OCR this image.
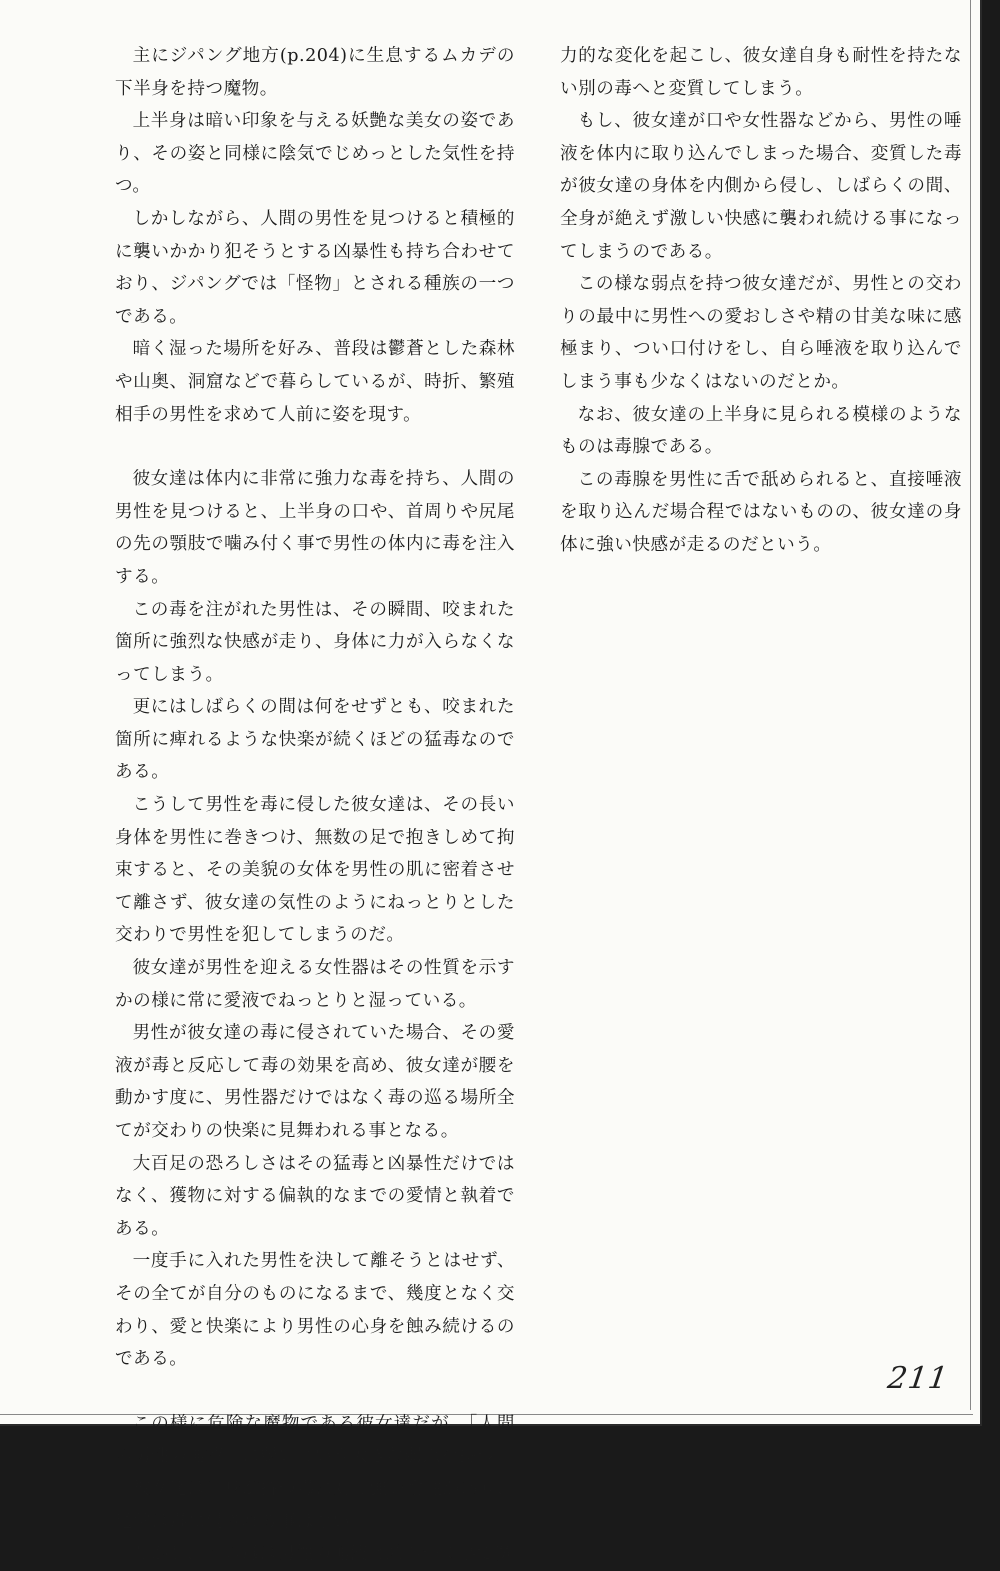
主にジパング地方(p.204)に生息するムカデの下半身を持つ魔物。

上半身は暗い印象を与える妖艶な美女の姿であり、その姿と同様に陰気でじめっとした気性を持つ。

しかしながら、人間の男性を見つけると積極的に襲いかかり犯そうとする凶暴性も持ち合わせており、ジパングでは「怪物」とされる種族の一つである。

暗く湿った場所を好み、普段は鬱蒼とした森林や山奥、洞窟などで暮らしているが、時折、繁殖相手の男性を求めて人前に姿を現す。

彼女達は体内に非常に強力な毒を持ち、人間の男性を見つけると、上半身の口や、首周りや尻尾の先の顎肢で噛み付く事で男性の体内に毒を注入する。

この毒を注がれた男性は、その瞬間、咬まれた箇所に強烈な快感が走り、身体に力が入らなくなってしまう。

更にはしばらくの間は何をせずとも、咬まれた箇所に痺れるような快楽が続くほどの猛毒なのである。

こうして男性を毒に侵した彼女達は、その長い身体を男性に巻きつけ、無数の足で抱きしめて拘束すると、その美貌の女体を男性の肌に密着させて離さず、彼女達の気性のようにねっとりとした交わりで男性を犯してしまうのだ。

彼女達が男性を迎える女性器はその性質を示すかの様に常に愛液でねっとりと湿っている。

男性が彼女達の毒に侵されていた場合、その愛液が毒と反応して毒の効果を高め、彼女達が腰を動かす度に、男性器だけではなく毒の巡る場所全てが交わりの快楽に見舞われる事となる。

大百足の恐ろしさはその猛毒と凶暴性だけではなく、獲物に対する偏執的なまでの愛情と執着である。

一度手に入れた男性を決して離そうとはせず、その全てが自分のものになるまで、幾度となく交わり、愛と快楽により男性の心身を蝕み続けるのである。

この様に危険な魔物である彼女達だが、「人間の男性の唾液」に弱いという大きな弱点を持つ。

彼女達は自身が持つ毒に対し強い耐性があり、通常は毒に侵される事はない。

しかし、この毒は男性の唾液と結びつく事で魔

力的な変化を起こし、彼女達自身も耐性を持たない別の毒へと変質してしまう。

もし、彼女達が口や女性器などから、男性の唾液を体内に取り込んでしまった場合、変質した毒が彼女達の身体を内側から侵し、しばらくの間、全身が絶えず激しい快感に襲われ続ける事になってしまうのである。

この様な弱点を持つ彼女達だが、男性との交わりの最中に男性への愛おしさや精の甘美な味に感極まり、つい口付けをし、自ら唾液を取り込んでしまう事も少なくはないのだとか。

なお、彼女達の上半身に見られる模様のようなものは毒腺である。

この毒腺を男性に舌で舐められると、直接唾液を取り込んだ場合程ではないものの、彼女達の身体に強い快感が走るのだという。

211
